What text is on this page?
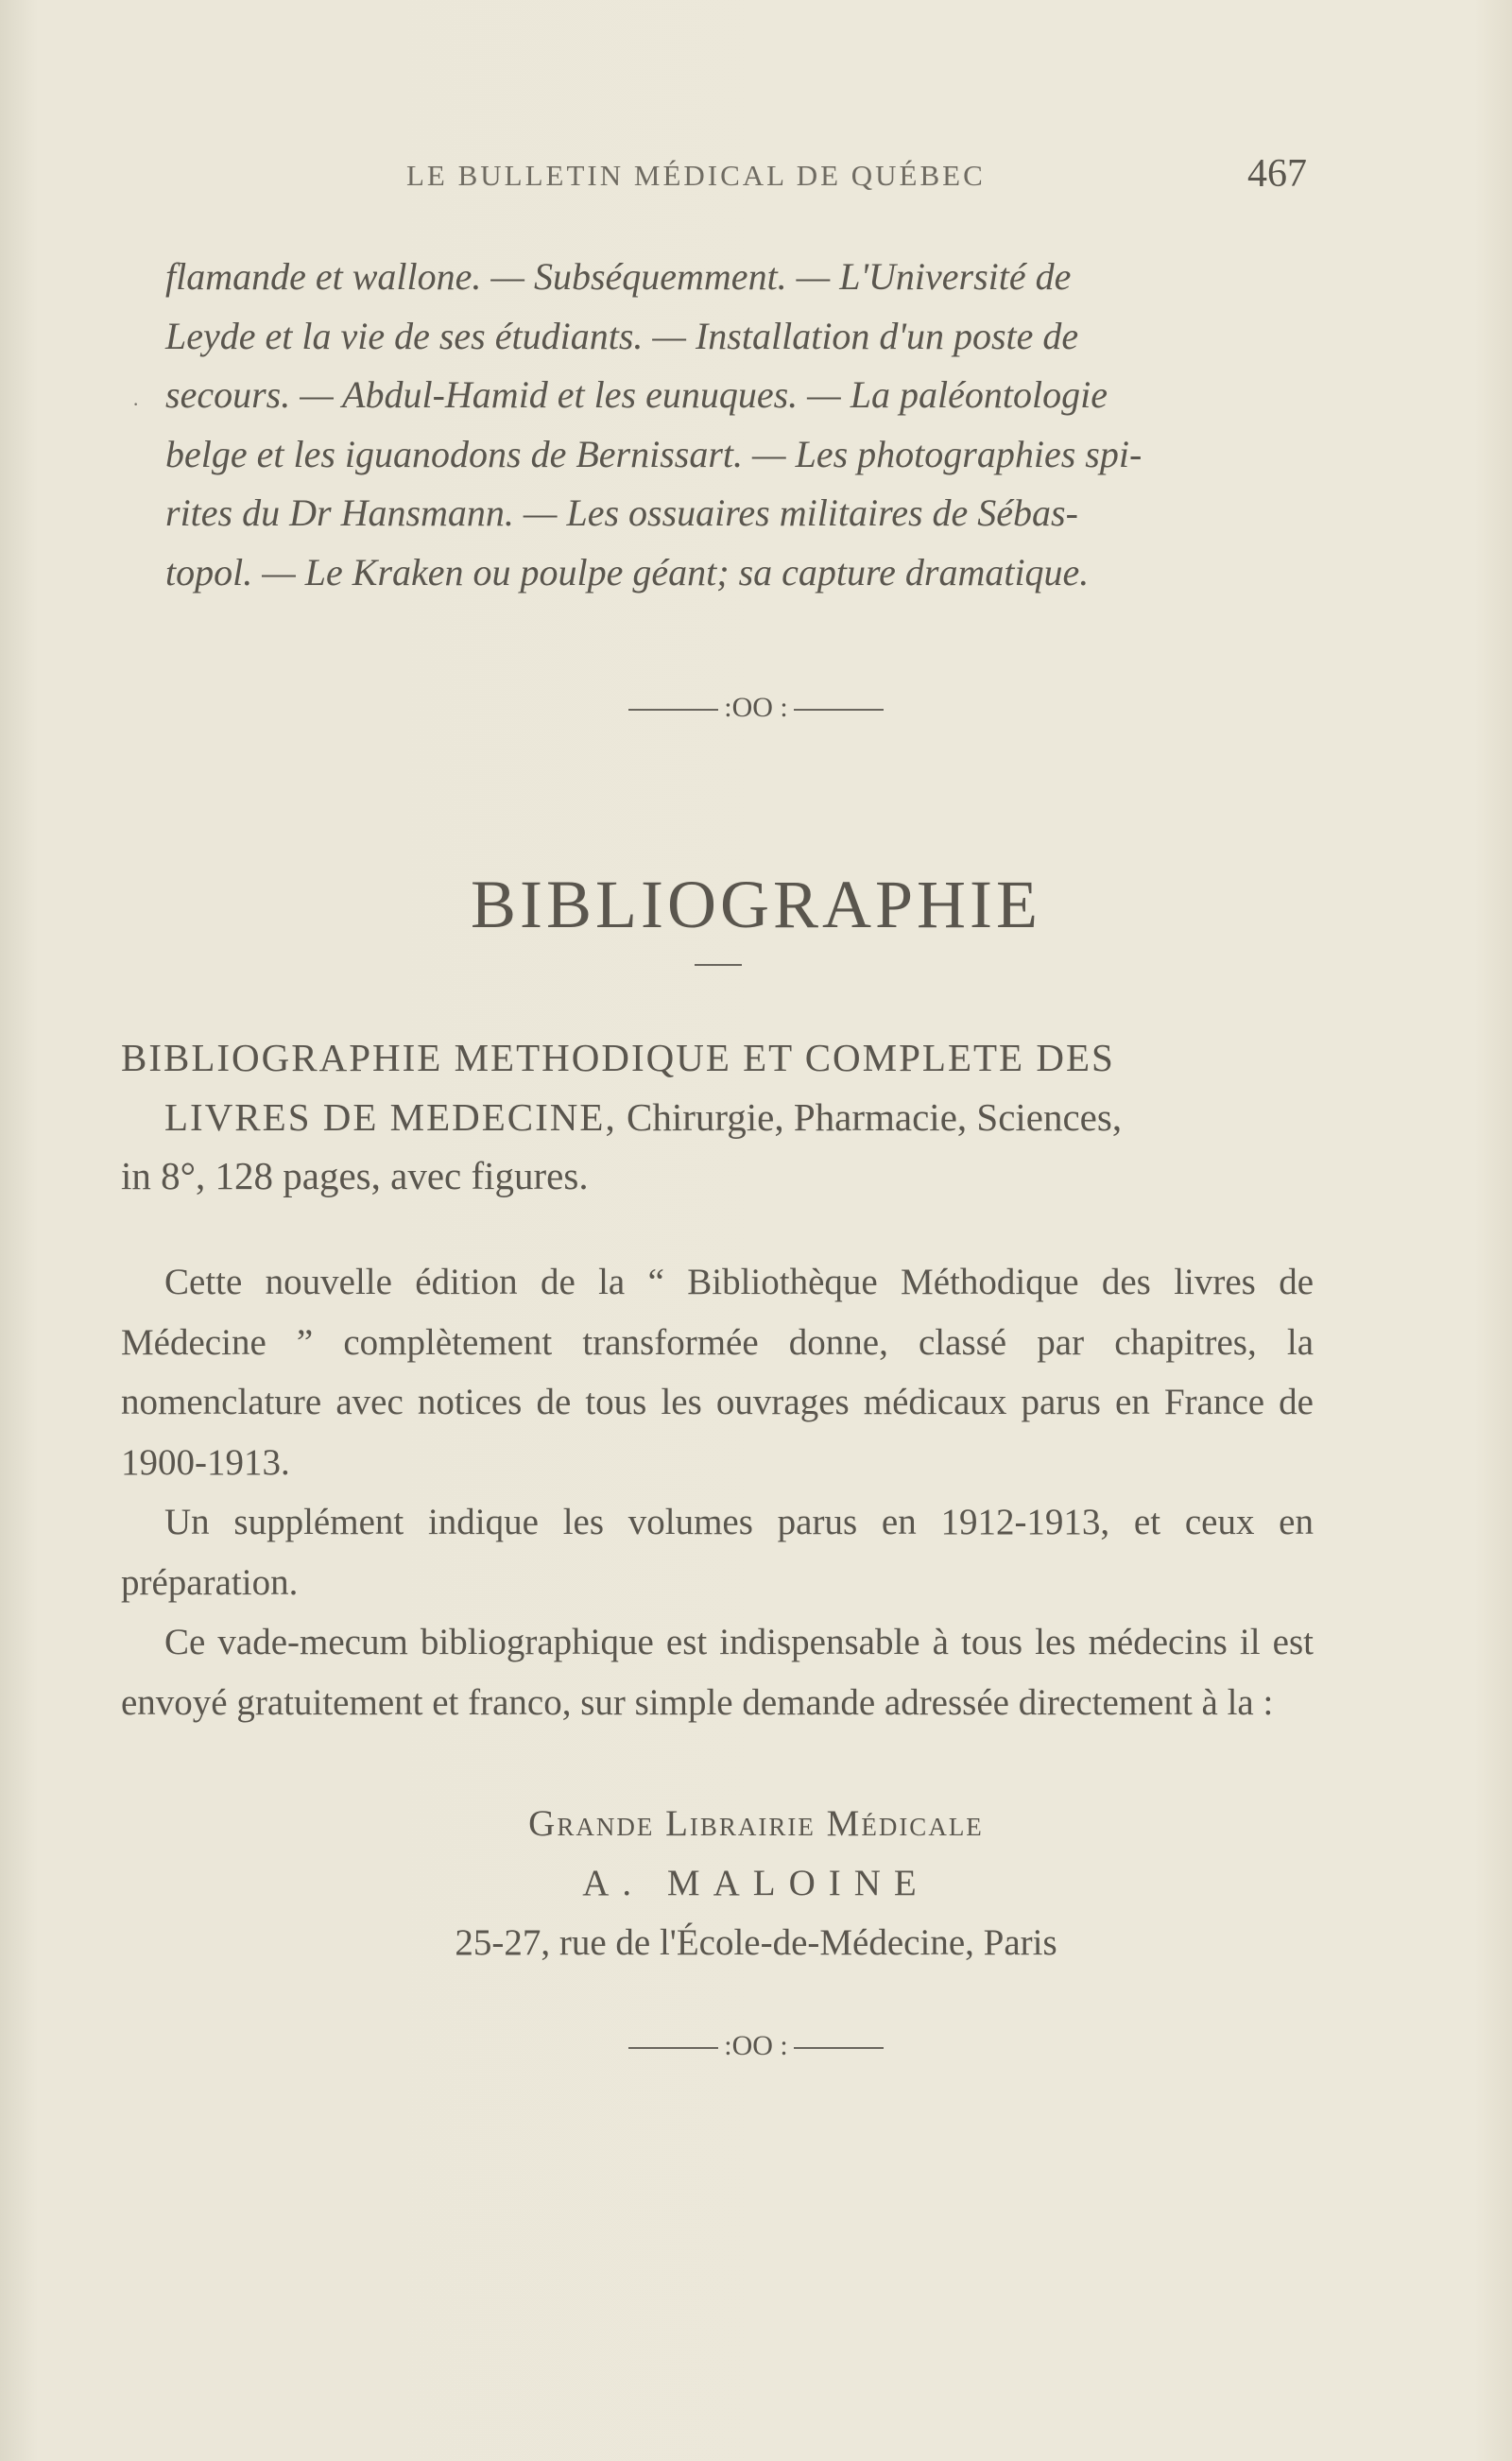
LE BULLETIN MÉDICAL DE QUÉBEC	467
·

flamande et wallone. — Subséquemment. — L'Université de

Leyde et la vie de ses étudiants. — Installation d'un poste de

secours. — Abdul-Hamid et les eunuques. — La paléontologie

belge et les iguanodons de Bernissart. — Les photographies spi-

rites du Dr Hansmann. — Les ossuaires militaires de Sébas-

topol. — Le Kraken ou poulpe géant; sa capture dramatique.

:OO :
BIBLIOGRAPHIE
BIBLIOGRAPHIE METHODIQUE ET COMPLETE DES
LIVRES DE MEDECINE, Chirurgie, Pharmacie, Sciences,
in 8°, 128 pages, avec figures.

Cette nouvelle édition de la “ Bibliothèque Méthodique des livres de Médecine ” complètement transformée donne, classé par chapitres, la nomenclature avec notices de tous les ouvrages médicaux parus en France de 1900-1913.

Un supplément indique les volumes parus en 1912-1913, et ceux en préparation.

Ce vade-mecum bibliographique est indispensable à tous les médecins il est envoyé gratuitement et franco, sur simple demande adressée directement à la :

Grande Librairie Médicale
A. MALOINE
25-27, rue de l'École-de-Médecine, Paris
:OO :
